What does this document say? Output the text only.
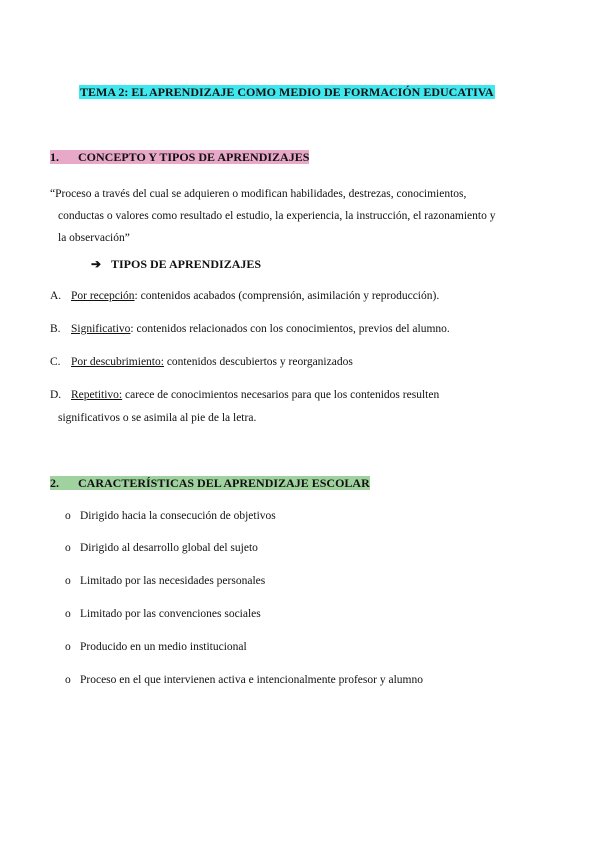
TEMA 2: EL APRENDIZAJE COMO MEDIO DE FORMACIÓN EDUCATIVA
1. CONCEPTO Y TIPOS DE APRENDIZAJES
“Proceso a través del cual se adquieren o modifican habilidades, destrezas, conocimientos,
conductas o valores como resultado el estudio, la experiencia, la instrucción, el razonamiento y
la observación”
➔ TIPOS DE APRENDIZAJES
A. Por recepción: contenidos acabados (comprensión, asimilación y reproducción).
B. Significativo: contenidos relacionados con los conocimientos, previos del alumno.
C. Por descubrimiento: contenidos descubiertos y reorganizados
D. Repetitivo: carece de conocimientos necesarios para que los contenidos resulten
significativos o se asimila al pie de la letra.
2. CARACTERÍSTICAS DEL APRENDIZAJE ESCOLAR
o Dirigido hacia la consecución de objetivos
o Dirigido al desarrollo global del sujeto
o Limitado por las necesidades personales
o Limitado por las convenciones sociales
o Producido en un medio institucional
o Proceso en el que intervienen activa e intencionalmente profesor y alumno
